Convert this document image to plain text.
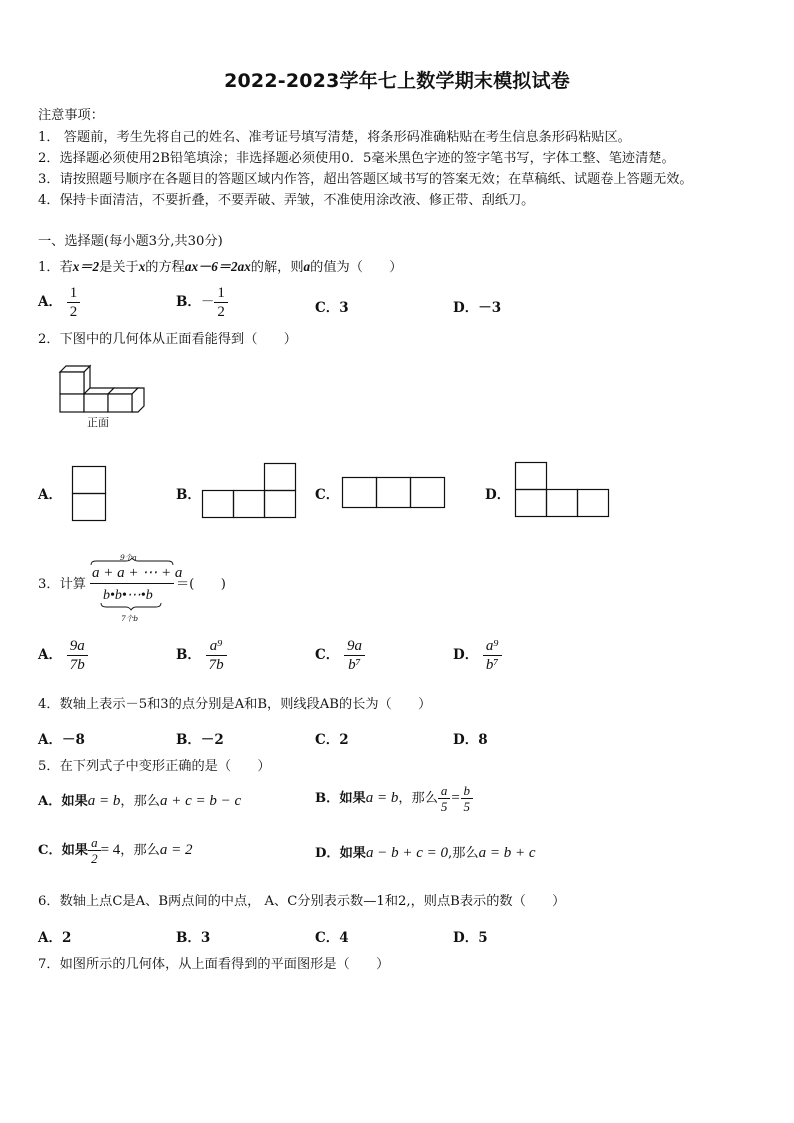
2022-2023学年七上数学期末模拟试卷
注意事项：
1． 答题前，考生先将自己的姓名、准考证号填写清楚，将条形码准确粘贴在考生信息条形码粘贴区。
2．选择题必须使用2B铅笔填涂；非选择题必须使用0．5毫米黑色字迹的签字笔书写，字体工整、笔迹清楚。
3．请按照题号顺序在各题目的答题区域内作答，超出答题区域书写的答案无效；在草稿纸、试题卷上答题无效。
4．保持卡面清洁，不要折叠，不要弄破、弄皱，不准使用涂改液、修正带、刮纸刀。
一、选择题(每小题3分,共30分)
1．若x＝2是关于x的方程ax－6＝2ax的解，则a的值为（　　）
A． $\frac{1}{2}$	B．－ $\frac{1}{2}$	C．3	D．－3
2．下图中的几何体从正面看能得到（　　）
正面
A．	B．	C．	D．
3．计算
9个a
a + a + ⋯ + a
b•b•⋯•b
7个b
＝(　　)
A． $\frac{9a}{7b}$	B． $\frac{\text{a⁹}}{7b}$	C． $\frac{9a}{\text{b⁷}}$	D． $\frac{\text{a⁹}}{\text{b⁷}}$
4．数轴上表示－5和3的点分别是A和B，则线段AB的长为（　　）
A．－8	B．－2	C．2	D．8
5．在下列式子中变形正确的是（　　）
A．如果a = b，那么a + c = b − c	B．如果a = b，那么 $\frac{a}{5} = \frac{b}{5}$
C．如果 $\frac{a}{2} = 4$，那么a = 2	D．如果a − b + c = 0,那么a = b + c
6．数轴上点C是A、B两点间的中点， A、C分别表示数—1和2,，则点B表示的数（　　）
A．2	B．3	C．4	D．5
7．如图所示的几何体，从上面看得到的平面图形是（　　）
